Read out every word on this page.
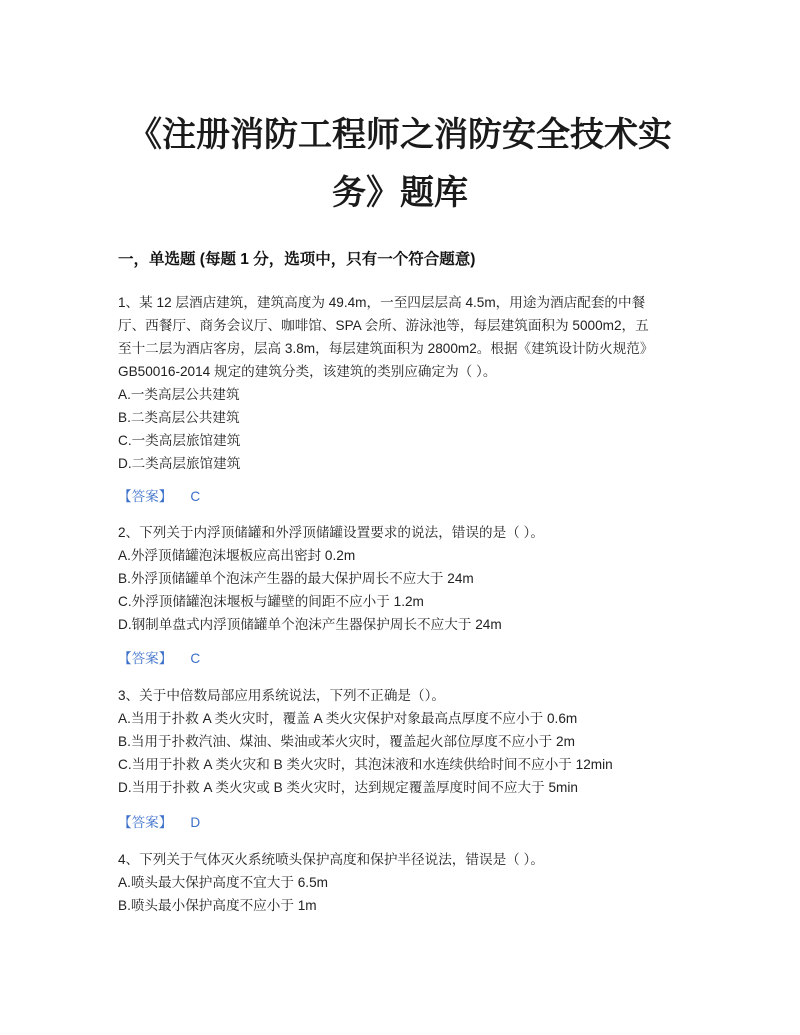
《注册消防工程师之消防安全技术实
务》题库
一，单选题 (每题 1 分，选项中，只有一个符合题意)
1、某 12 层酒店建筑，建筑高度为 49.4m，一至四层层高 4.5m，用途为酒店配套的中餐
厅、西餐厅、商务会议厅、咖啡馆、SPA 会所、游泳池等，每层建筑面积为 5000m2，五
至十二层为酒店客房，层高 3.8m，每层建筑面积为 2800m2。根据《建筑设计防火规范》
GB50016-2014 规定的建筑分类，该建筑的类别应确定为（ ）。
A.一类高层公共建筑
B.二类高层公共建筑
C.一类高层旅馆建筑
D.二类高层旅馆建筑
【答案】 C
2、下列关于内浮顶储罐和外浮顶储罐设置要求的说法，错误的是（ ）。
A.外浮顶储罐泡沫堰板应高出密封 0.2m
B.外浮顶储罐单个泡沫产生器的最大保护周长不应大于 24m
C.外浮顶储罐泡沫堰板与罐壁的间距不应小于 1.2m
D.钢制单盘式内浮顶储罐单个泡沫产生器保护周长不应大于 24m
【答案】 C
3、关于中倍数局部应用系统说法，下列不正确是（）。
A.当用于扑救 A 类火灾时，覆盖 A 类火灾保护对象最高点厚度不应小于 0.6m
B.当用于扑救汽油、煤油、柴油或苯火灾时，覆盖起火部位厚度不应小于 2m
C.当用于扑救 A 类火灾和 B 类火灾时，其泡沫液和水连续供给时间不应小于 12min
D.当用于扑救 A 类火灾或 B 类火灾时，达到规定覆盖厚度时间不应大于 5min
【答案】 D
4、下列关于气体灭火系统喷头保护高度和保护半径说法，错误是（ ）。
A.喷头最大保护高度不宜大于 6.5m
B.喷头最小保护高度不应小于 1m
